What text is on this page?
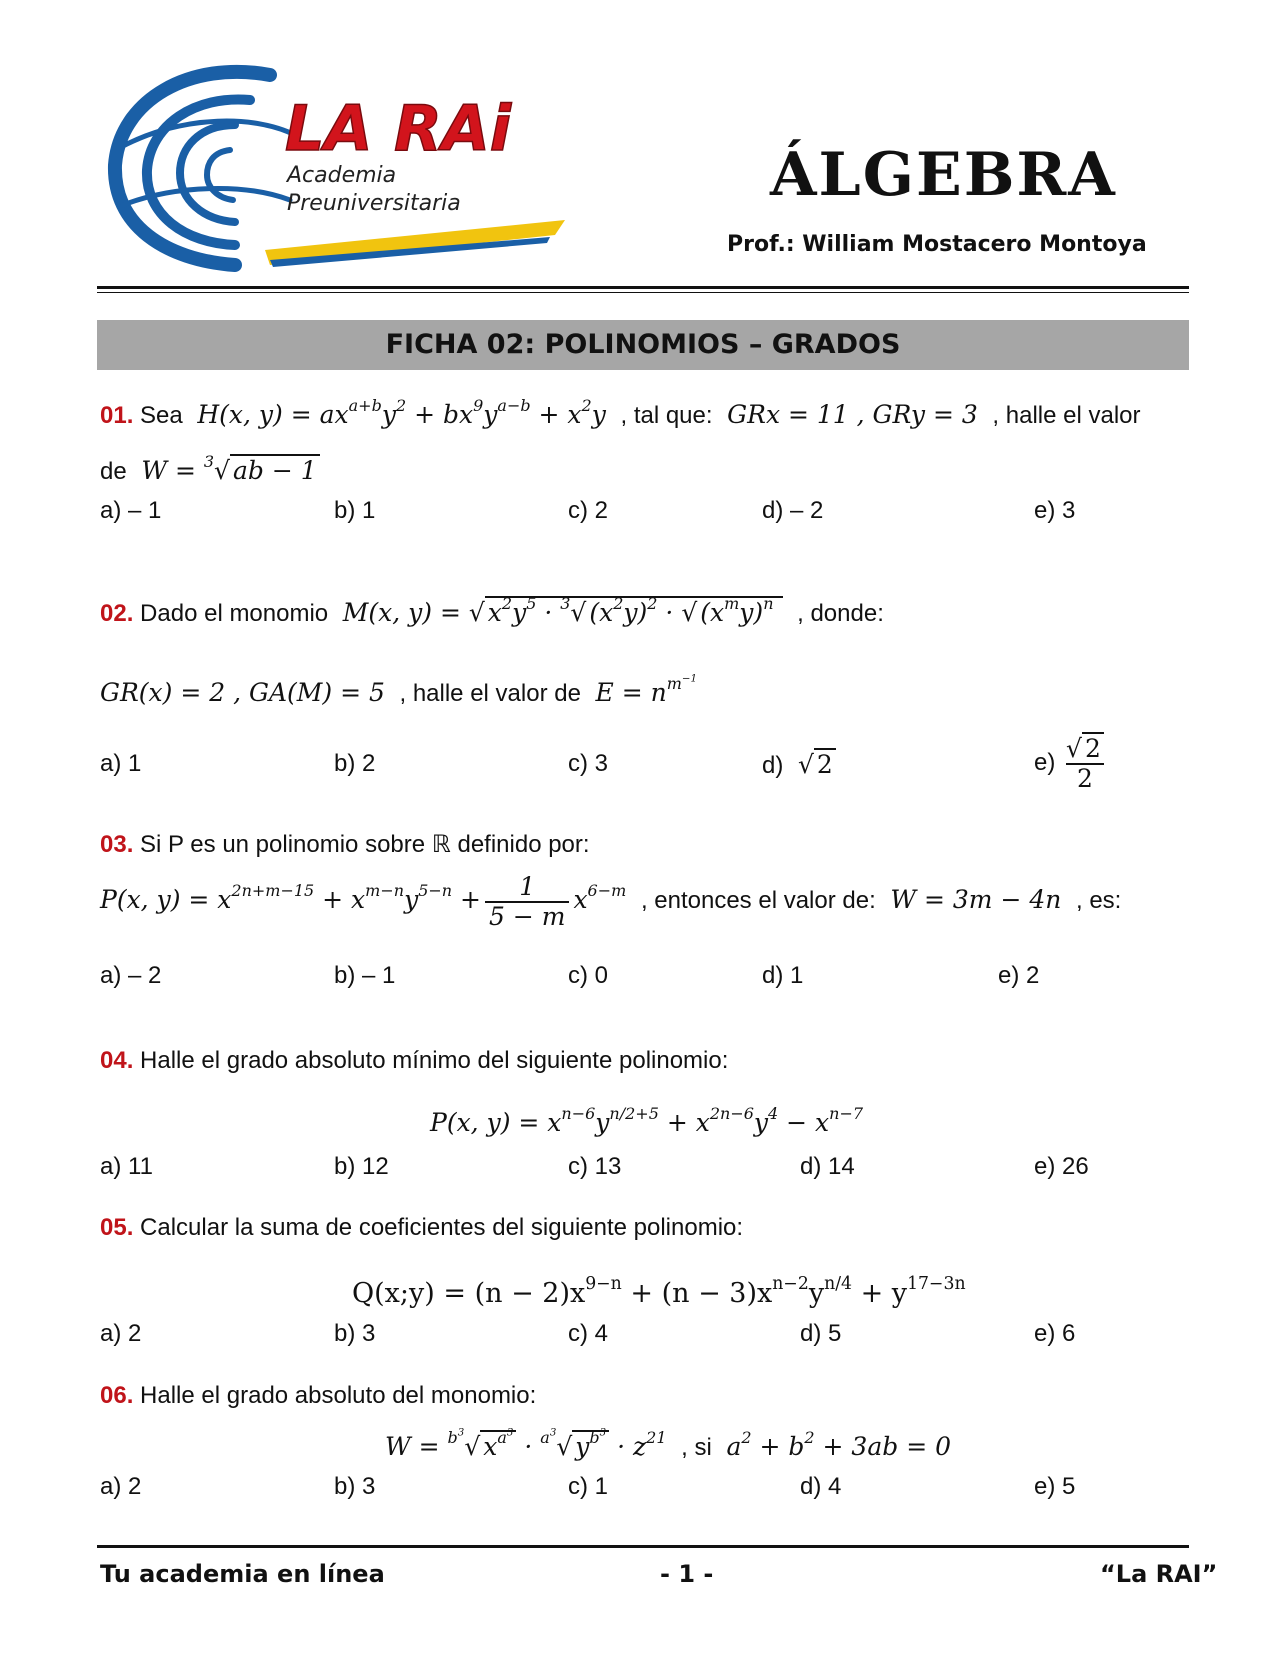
LA RAi
Academia
Preuniversitaria	ÁLGEBRA
Prof.: William Mostacero Montoya
FICHA 02: POLINOMIOS – GRADOS
01. Sea  H(x, $y) = ax^{a+b}y^2 + bx^9y^{a-b} + x^2y$  , tal que:  GRx = 11 , GRy = 3  , halle el valor
de  W = $^3$√ ab − 1
a) – 1	b) 1	c) 2	d) – 2	e) 3
02. Dado el monomio  M(x, y) = √ $x^2y^5 \cdot ^3√$ $(x^2y)^2$ · √ $(x^my)^n$ , donde:
GR(x) = 2 , GA(M) = 5  , halle el valor de  $E = n^{m^{-1}}$
a) 1	b) 2	c) 3	d)  √ 2	$e) \frac{√ 2}{2}$
03. Si P es un polinomio sobre ℝ definido por:
P(x, $y) = x^{2n+m-15} + x^{m-n}y^{5-n} + \frac{1}{5 - m} x^{6-m}$ , entonces el valor de:  W = 3m − 4n  , es:
a) – 2	b) – 1	c) 0	d) 1	e) 2
04. Halle el grado absoluto mínimo del siguiente polinomio:
P(x, $y) = x^{n-6}y^{n/2+5} + x^{2n-6}y^4 - x^{n-7}$
a) 11	b) 12	c) 13	d) 14	e) 26
05. Calcular la suma de coeficientes del siguiente polinomio:
Q(x;y) = $(n - 2)x^{9-n} + (n - 3)x^{n-2}y^{n/4} + y^{17-3n}$
a) 2	b) 3	c) 4	d) 5	e) 6
06. Halle el grado absoluto del monomio:
W = $^{b^3}$√ $x^{a^3} \cdot ^{a^3}√$ $y^{b^3} \cdot z^{21}$ , si  $a^2 + b^2 + 3ab = 0$
a) 2	b) 3	c) 1	d) 4	e) 5
Tu academia en línea	- 1 -	“La RAI”
